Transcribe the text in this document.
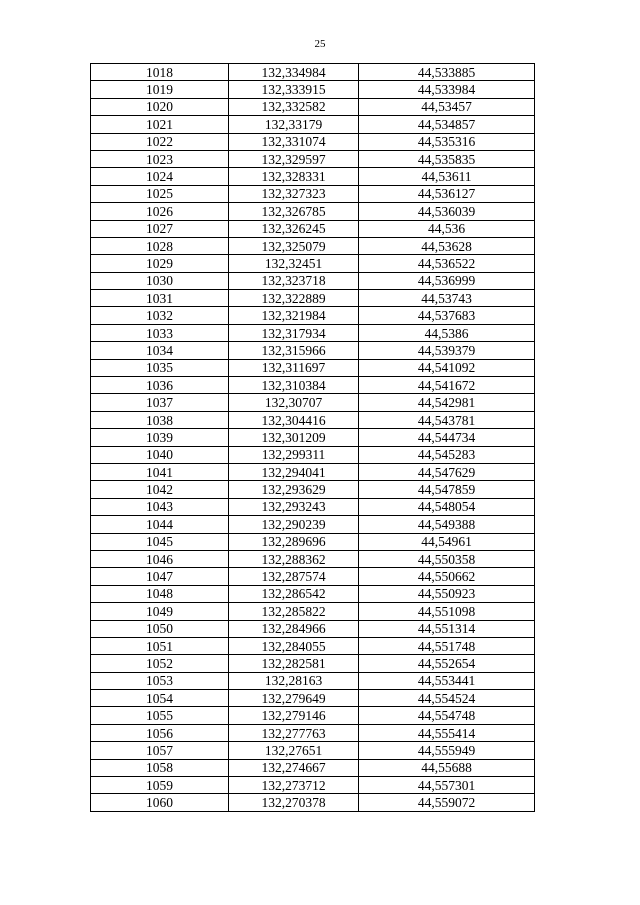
25
1018	132,334984	44,533885
1019	132,333915	44,533984
1020	132,332582	44,53457
1021	132,33179	44,534857
1022	132,331074	44,535316
1023	132,329597	44,535835
1024	132,328331	44,53611
1025	132,327323	44,536127
1026	132,326785	44,536039
1027	132,326245	44,536
1028	132,325079	44,53628
1029	132,32451	44,536522
1030	132,323718	44,536999
1031	132,322889	44,53743
1032	132,321984	44,537683
1033	132,317934	44,5386
1034	132,315966	44,539379
1035	132,311697	44,541092
1036	132,310384	44,541672
1037	132,30707	44,542981
1038	132,304416	44,543781
1039	132,301209	44,544734
1040	132,299311	44,545283
1041	132,294041	44,547629
1042	132,293629	44,547859
1043	132,293243	44,548054
1044	132,290239	44,549388
1045	132,289696	44,54961
1046	132,288362	44,550358
1047	132,287574	44,550662
1048	132,286542	44,550923
1049	132,285822	44,551098
1050	132,284966	44,551314
1051	132,284055	44,551748
1052	132,282581	44,552654
1053	132,28163	44,553441
1054	132,279649	44,554524
1055	132,279146	44,554748
1056	132,277763	44,555414
1057	132,27651	44,555949
1058	132,274667	44,55688
1059	132,273712	44,557301
1060	132,270378	44,559072
